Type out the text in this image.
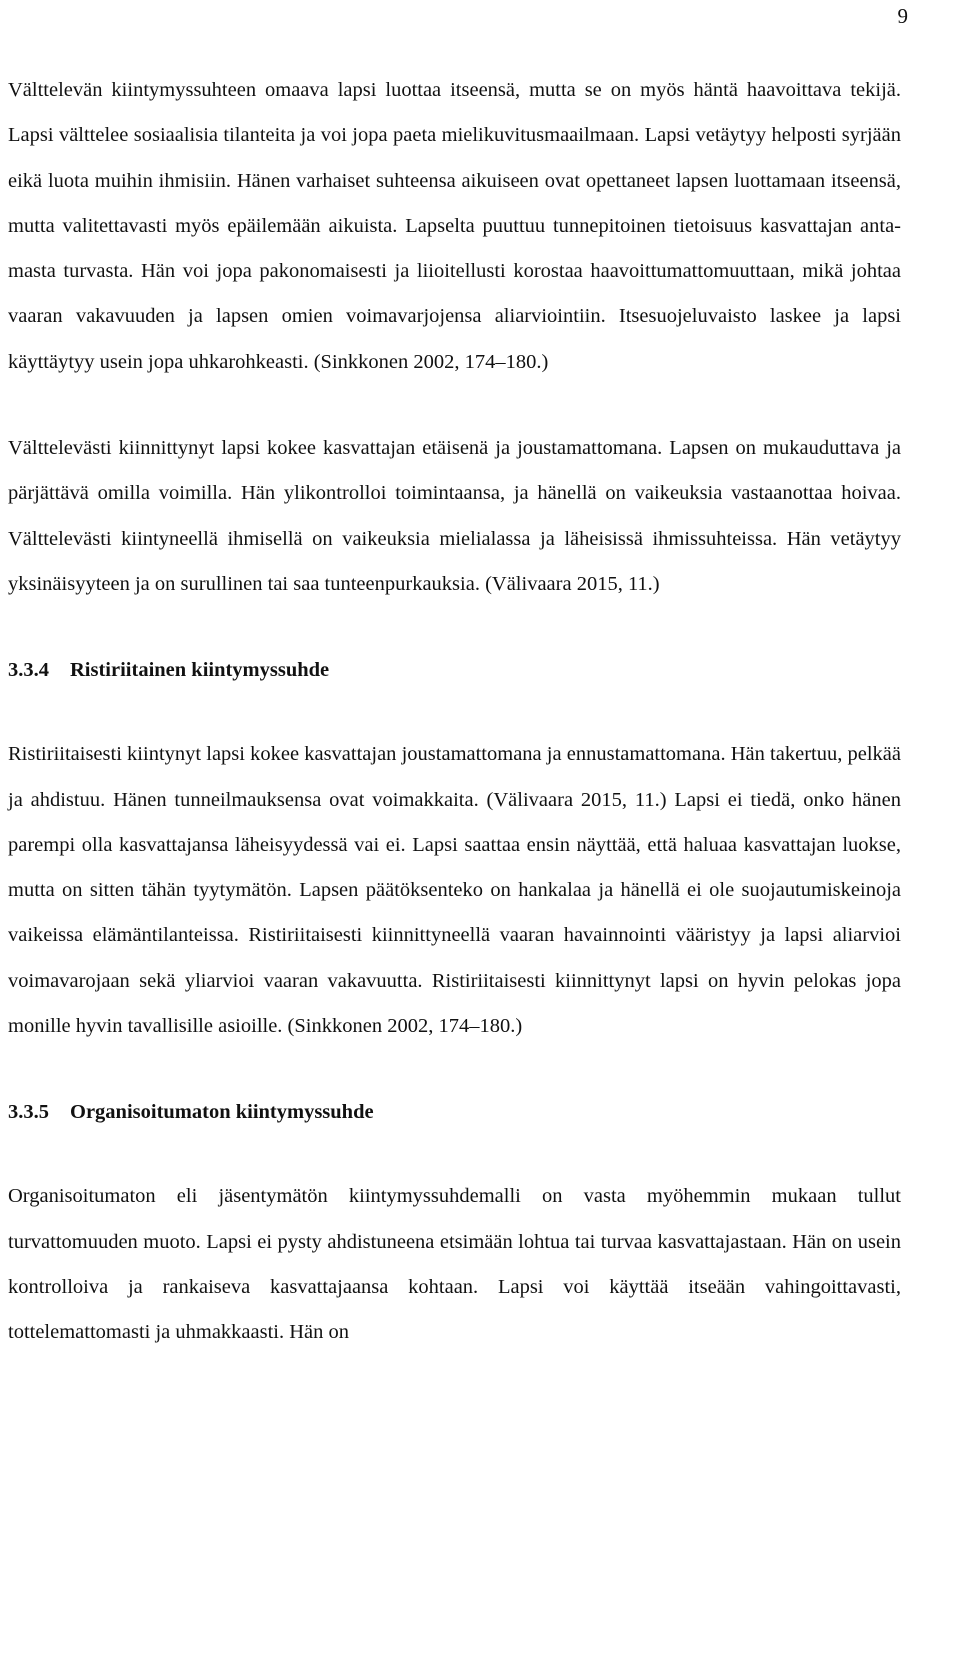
9

Välttelevän kiintymyssuhteen omaava lapsi luottaa itseensä, mutta se on myös häntä haavoittava tekijä. Lapsi välttelee sosiaalisia tilanteita ja voi jopa paeta mielikuvitusmaailmaan. Lapsi vetäytyy helposti syrjään eikä luota muihin ihmisiin. Hänen varhaiset suhteensa aikuiseen ovat opettaneet lapsen luottamaan itseensä, mutta valitettavasti myös epäilemään aikuista. Lapselta puuttuu tunnepitoinen tietoisuus kasvattajan antamasta turvasta. Hän voi jopa pakonomaisesti ja liioitellusti korostaa haavoittumattomuuttaan, mikä johtaa vaaran vakavuuden ja lapsen omien voimavarjojensa aliarviointiin. Itsesuojeluvaisto laskee ja lapsi käyttäytyy usein jopa uhkarohkeasti. (Sinkkonen 2002, 174–180.)

Välttelevästi kiinnittynyt lapsi kokee kasvattajan etäisenä ja joustamattomana. Lapsen on mukauduttava ja pärjättävä omilla voimilla. Hän ylikontrolloi toimintaansa, ja hänellä on vaikeuksia vastaanottaa hoivaa. Välttelevästi kiintyneellä ihmisellä on vaikeuksia mielialassa ja läheisissä ihmissuhteissa. Hän vetäytyy yksinäisyyteen ja on surullinen tai saa tunteenpurkauksia. (Välivaara 2015, 11.)

3.3.4 Ristiriitainen kiintymyssuhde

Ristiriitaisesti kiintynyt lapsi kokee kasvattajan joustamattomana ja ennustamattomana. Hän takertuu, pelkää ja ahdistuu. Hänen tunneilmauksensa ovat voimakkaita. (Välivaara 2015, 11.) Lapsi ei tiedä, onko hänen parempi olla kasvattajansa läheisyydessä vai ei. Lapsi saattaa ensin näyttää, että haluaa kasvattajan luokse, mutta on sitten tähän tyytymätön. Lapsen päätöksenteko on hankalaa ja hänellä ei ole suojautumiskeinoja vaikeissa elämäntilanteissa. Ristiriitaisesti kiinnittyneellä vaaran havainnointi vääristyy ja lapsi aliarvioi voimavarojaan sekä yliarvioi vaaran vakavuutta. Ristiriitaisesti kiinnittynyt lapsi on hyvin pelokas jopa monille hyvin tavallisille asioille. (Sinkkonen 2002, 174–180.)

3.3.5 Organisoitumaton kiintymyssuhde

Organisoitumaton eli jäsentymätön kiintymyssuhdemalli on vasta myöhemmin mukaan tullut turvattomuuden muoto. Lapsi ei pysty ahdistuneena etsimään lohtua tai turvaa kasvattajastaan. Hän on usein kontrolloiva ja rankaiseva kasvattajaansa kohtaan. Lapsi voi käyttää itseään vahingoittavasti, tottelemattomasti ja uhmakkaasti. Hän on
